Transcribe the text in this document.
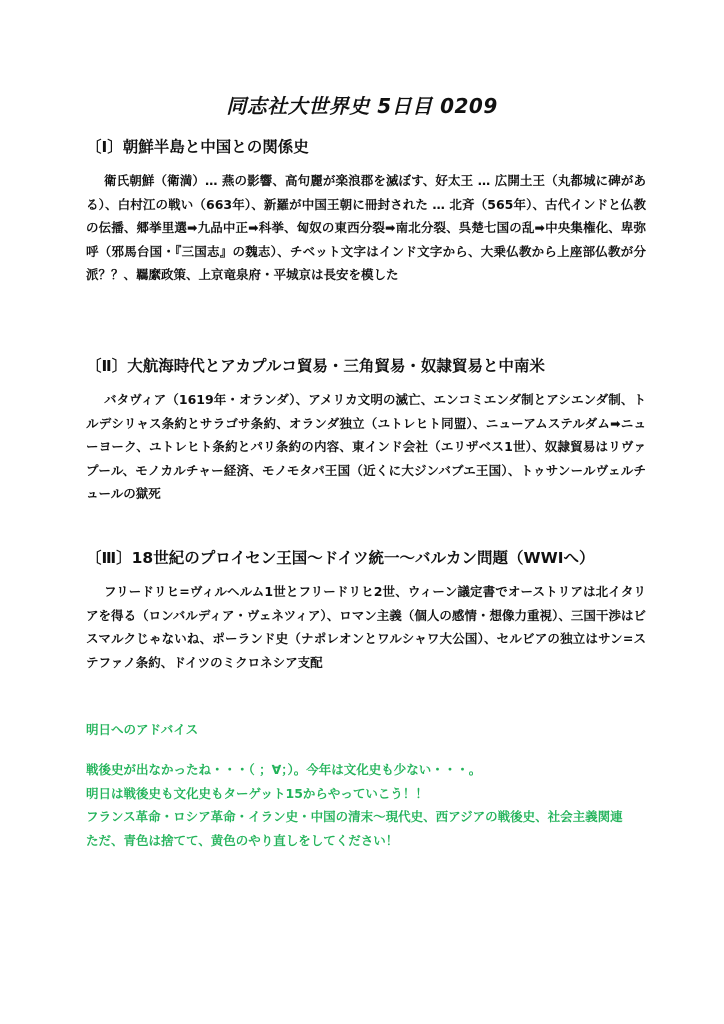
同志社大世界史 5日目 0209

〔Ⅰ〕朝鮮半島と中国との関係史

衛氏朝鮮（衛満）… 燕の影響、高句麗が楽浪郡を滅ぼす、好太王 … 広開土王（丸都城に碑がある）、白村江の戦い（663年）、新羅が中国王朝に冊封された … 北斉（565年）、古代インドと仏教の伝播、郷挙里選➡九品中正➡科挙、匈奴の東西分裂➡南北分裂、呉楚七国の乱➡中央集権化、卑弥呼（邪馬台国・『三国志』の魏志）、チベット文字はインド文字から、大乗仏教から上座部仏教が分派？？、羈縻政策、上京竜泉府・平城京は長安を模した

〔Ⅱ〕大航海時代とアカプルコ貿易・三角貿易・奴隷貿易と中南米

バタヴィア（1619年・オランダ）、アメリカ文明の滅亡、エンコミエンダ制とアシエンダ制、トルデシリャス条約とサラゴサ条約、オランダ独立（ユトレヒト同盟）、ニューアムステルダム➡ニューヨーク、ユトレヒト条約とパリ条約の内容、東インド会社（エリザベス1世）、奴隷貿易はリヴァプール、モノカルチャー経済、モノモタパ王国（近くに大ジンバブエ王国）、トゥサンールヴェルチュールの獄死

〔Ⅲ〕18世紀のプロイセン王国～ドイツ統一～バルカン問題（WWⅠへ）

フリードリヒ=ヴィルヘルム1世とフリードリヒ2世、ウィーン議定書でオーストリアは北イタリアを得る（ロンバルディア・ヴェネツィア）、ロマン主義（個人の感情・想像力重視）、三国干渉はビスマルクじゃないね、ポーランド史（ナポレオンとワルシャワ大公国）、セルビアの独立はサン=ステファノ条約、ドイツのミクロネシア支配

明日へのアドバイス

戦後史が出なかったね・・・（ ；∀；）。今年は文化史も少ない・・・。

明日は戦後史も文化史もターゲット15からやっていこう！！

フランス革命・ロシア革命・イラン史・中国の清末～現代史、西アジアの戦後史、社会主義関連

ただ、青色は捨てて、黄色のやり直しをしてください！
